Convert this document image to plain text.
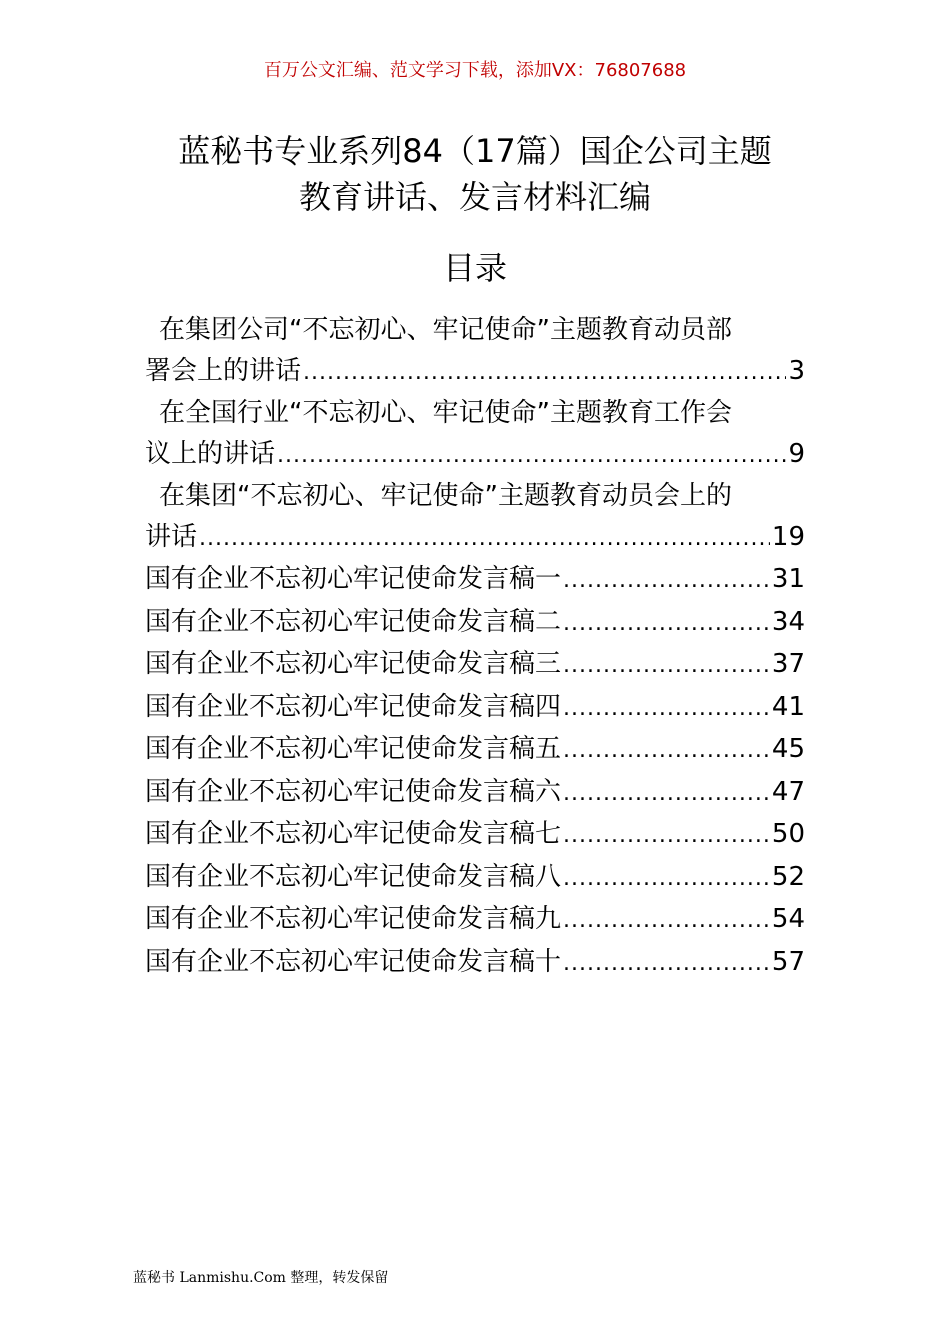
百万公文汇编、范文学习下载，添加VX：76807688
蓝秘书专业系列84（17篇）国企公司主题
教育讲话、发言材料汇编
目录
在集团公司“不忘初心、牢记使命”主题教育动员部
署会上的讲话 .....	3
在全国行业“不忘初心、牢记使命”主题教育工作会
议上的讲话 .....	9
在集团“不忘初心、牢记使命”主题教育动员会上的
讲话 .....	19
国有企业不忘初心牢记使命发言稿一 .....	31
国有企业不忘初心牢记使命发言稿二 .....	34
国有企业不忘初心牢记使命发言稿三 .....	37
国有企业不忘初心牢记使命发言稿四 .....	41
国有企业不忘初心牢记使命发言稿五 .....	45
国有企业不忘初心牢记使命发言稿六 .....	47
国有企业不忘初心牢记使命发言稿七 .....	50
国有企业不忘初心牢记使命发言稿八 .....	52
国有企业不忘初心牢记使命发言稿九 .....	54
国有企业不忘初心牢记使命发言稿十 .....	57
蓝秘书 Lanmishu.Com 整理，转发保留
